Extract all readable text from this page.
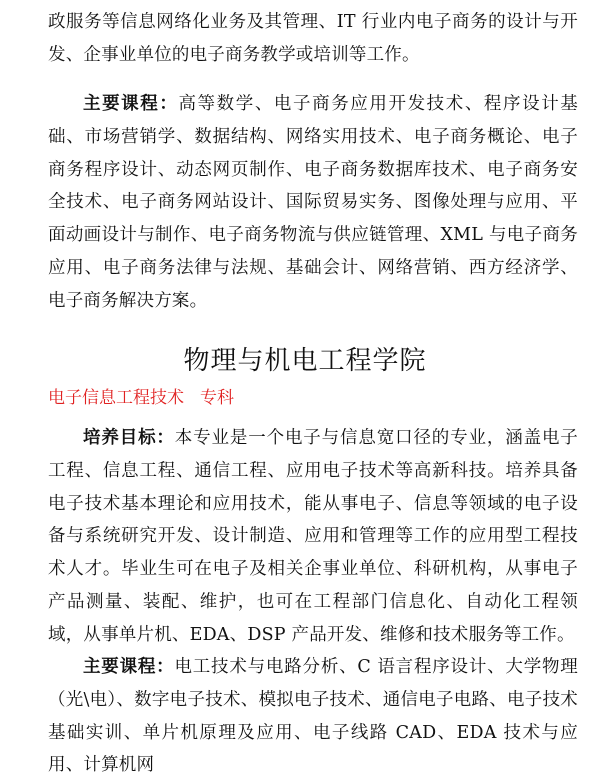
政服务等信息网络化业务及其管理、IT 行业内电子商务的设计与开发、企事业单位的电子商务教学或培训等工作。

主要课程：高等数学、电子商务应用开发技术、程序设计基础、市场营销学、数据结构、网络实用技术、电子商务概论、电子商务程序设计、动态网页制作、电子商务数据库技术、电子商务安全技术、电子商务网站设计、国际贸易实务、图像处理与应用、平面动画设计与制作、电子商务物流与供应链管理、XML 与电子商务应用、电子商务法律与法规、基础会计、网络营销、西方经济学、电子商务解决方案。

物理与机电工程学院

电子信息工程技术 专科

培养目标：本专业是一个电子与信息宽口径的专业，涵盖电子工程、信息工程、通信工程、应用电子技术等高新科技。培养具备电子技术基本理论和应用技术，能从事电子、信息等领域的电子设备与系统研究开发、设计制造、应用和管理等工作的应用型工程技术人才。毕业生可在电子及相关企事业单位、科研机构，从事电子产品测量、装配、维护，也可在工程部门信息化、自动化工程领域，从事单片机、EDA、DSP 产品开发、维修和技术服务等工作。

主要课程：电工技术与电路分析、C 语言程序设计、大学物理（光\电）、数字电子技术、模拟电子技术、通信电子电路、电子技术基础实训、单片机原理及应用、电子线路 CAD、EDA 技术与应用、计算机网
